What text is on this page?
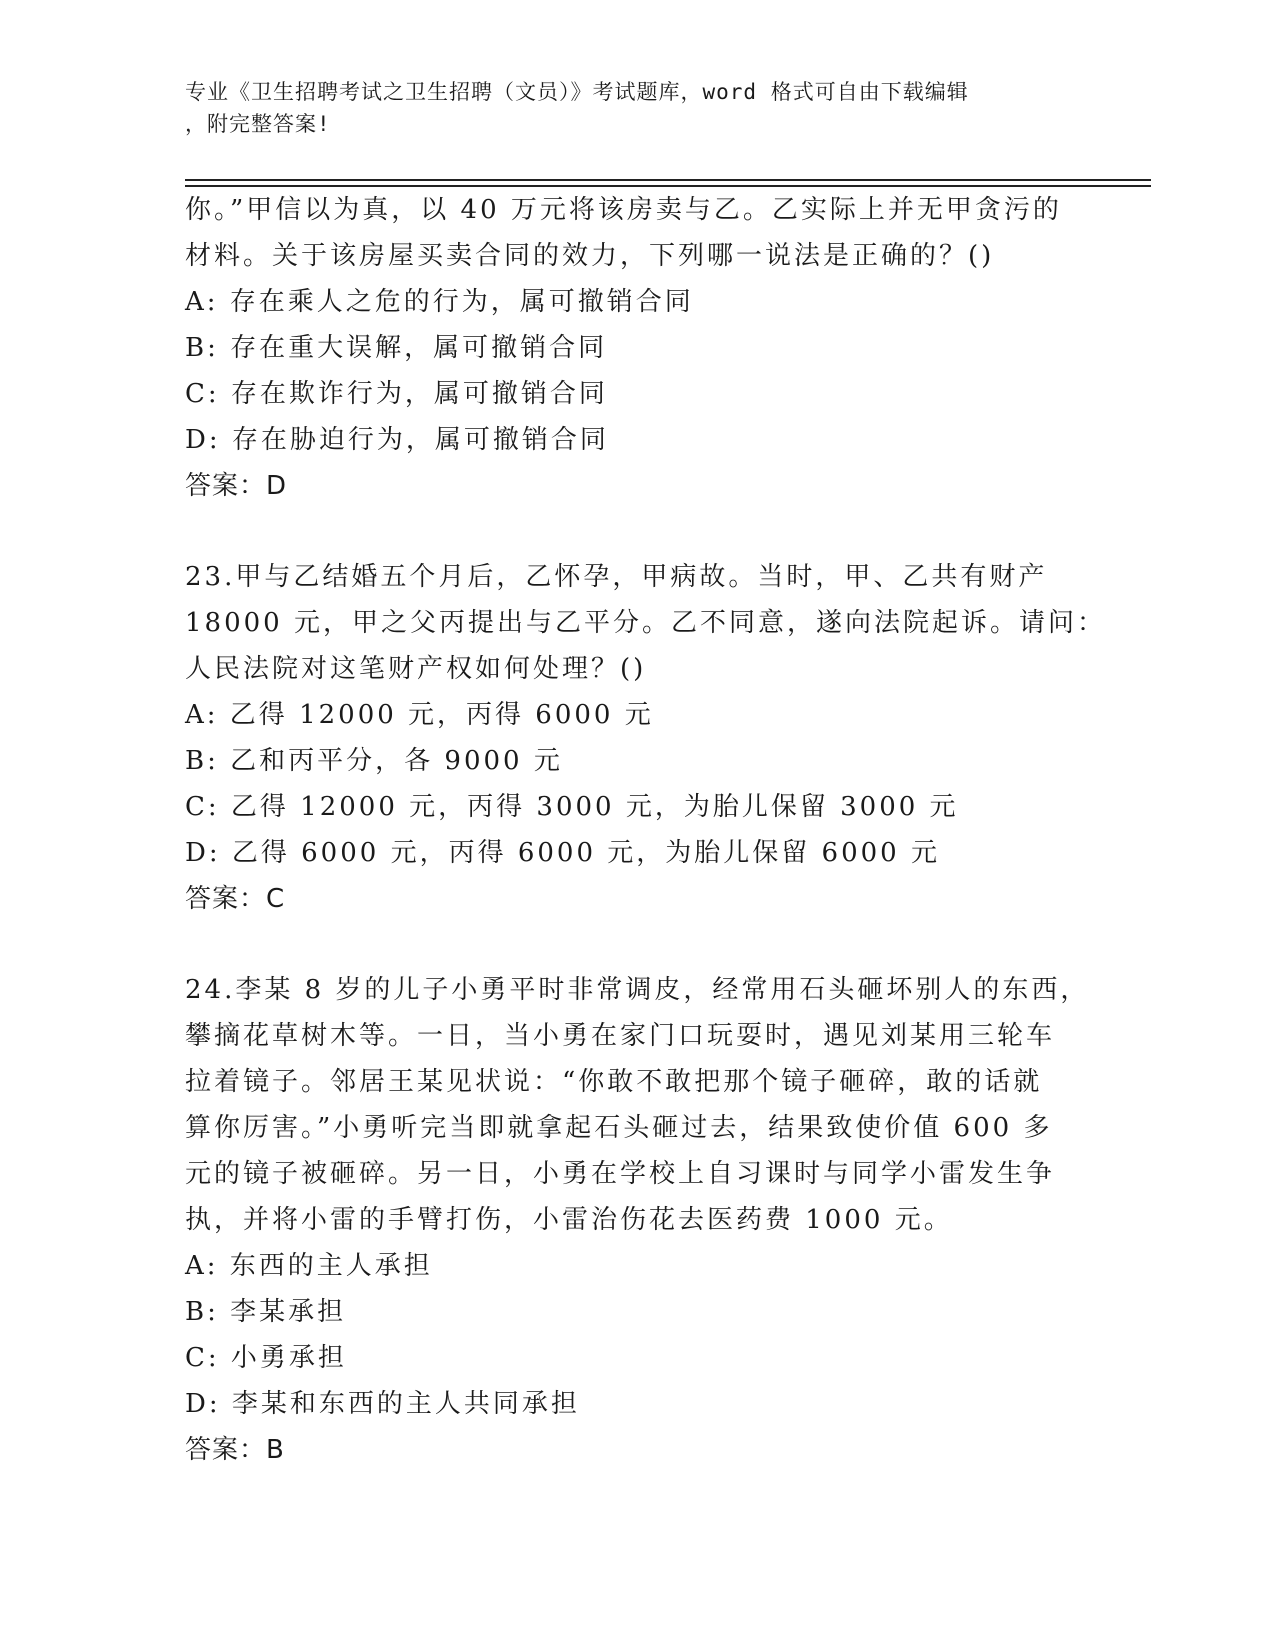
专业《卫生招聘考试之卫生招聘（文员）》考试题库，word 格式可自由下载编辑
，附完整答案!
你。”甲信以为真，以 40 万元将该房卖与乙。乙实际上并无甲贪污的
材料。关于该房屋买卖合同的效力，下列哪一说法是正确的？()
A: 存在乘人之危的行为，属可撤销合同
B: 存在重大误解，属可撤销合同
C: 存在欺诈行为，属可撤销合同
D: 存在胁迫行为，属可撤销合同
答案：D
23.甲与乙结婚五个月后，乙怀孕，甲病故。当时，甲、乙共有财产
18000 元，甲之父丙提出与乙平分。乙不同意，遂向法院起诉。请问：
人民法院对这笔财产权如何处理？()
A: 乙得 12000 元，丙得 6000 元
B: 乙和丙平分，各 9000 元
C: 乙得 12000 元，丙得 3000 元，为胎儿保留 3000 元
D: 乙得 6000 元，丙得 6000 元，为胎儿保留 6000 元
答案：C
24.李某 8 岁的儿子小勇平时非常调皮，经常用石头砸坏别人的东西，
攀摘花草树木等。一日，当小勇在家门口玩耍时，遇见刘某用三轮车
拉着镜子。邻居王某见状说：“你敢不敢把那个镜子砸碎，敢的话就
算你厉害。”小勇听完当即就拿起石头砸过去，结果致使价值 600 多
元的镜子被砸碎。另一日，小勇在学校上自习课时与同学小雷发生争
执，并将小雷的手臂打伤，小雷治伤花去医药费 1000 元。
A: 东西的主人承担
B: 李某承担
C: 小勇承担
D: 李某和东西的主人共同承担
答案：B
